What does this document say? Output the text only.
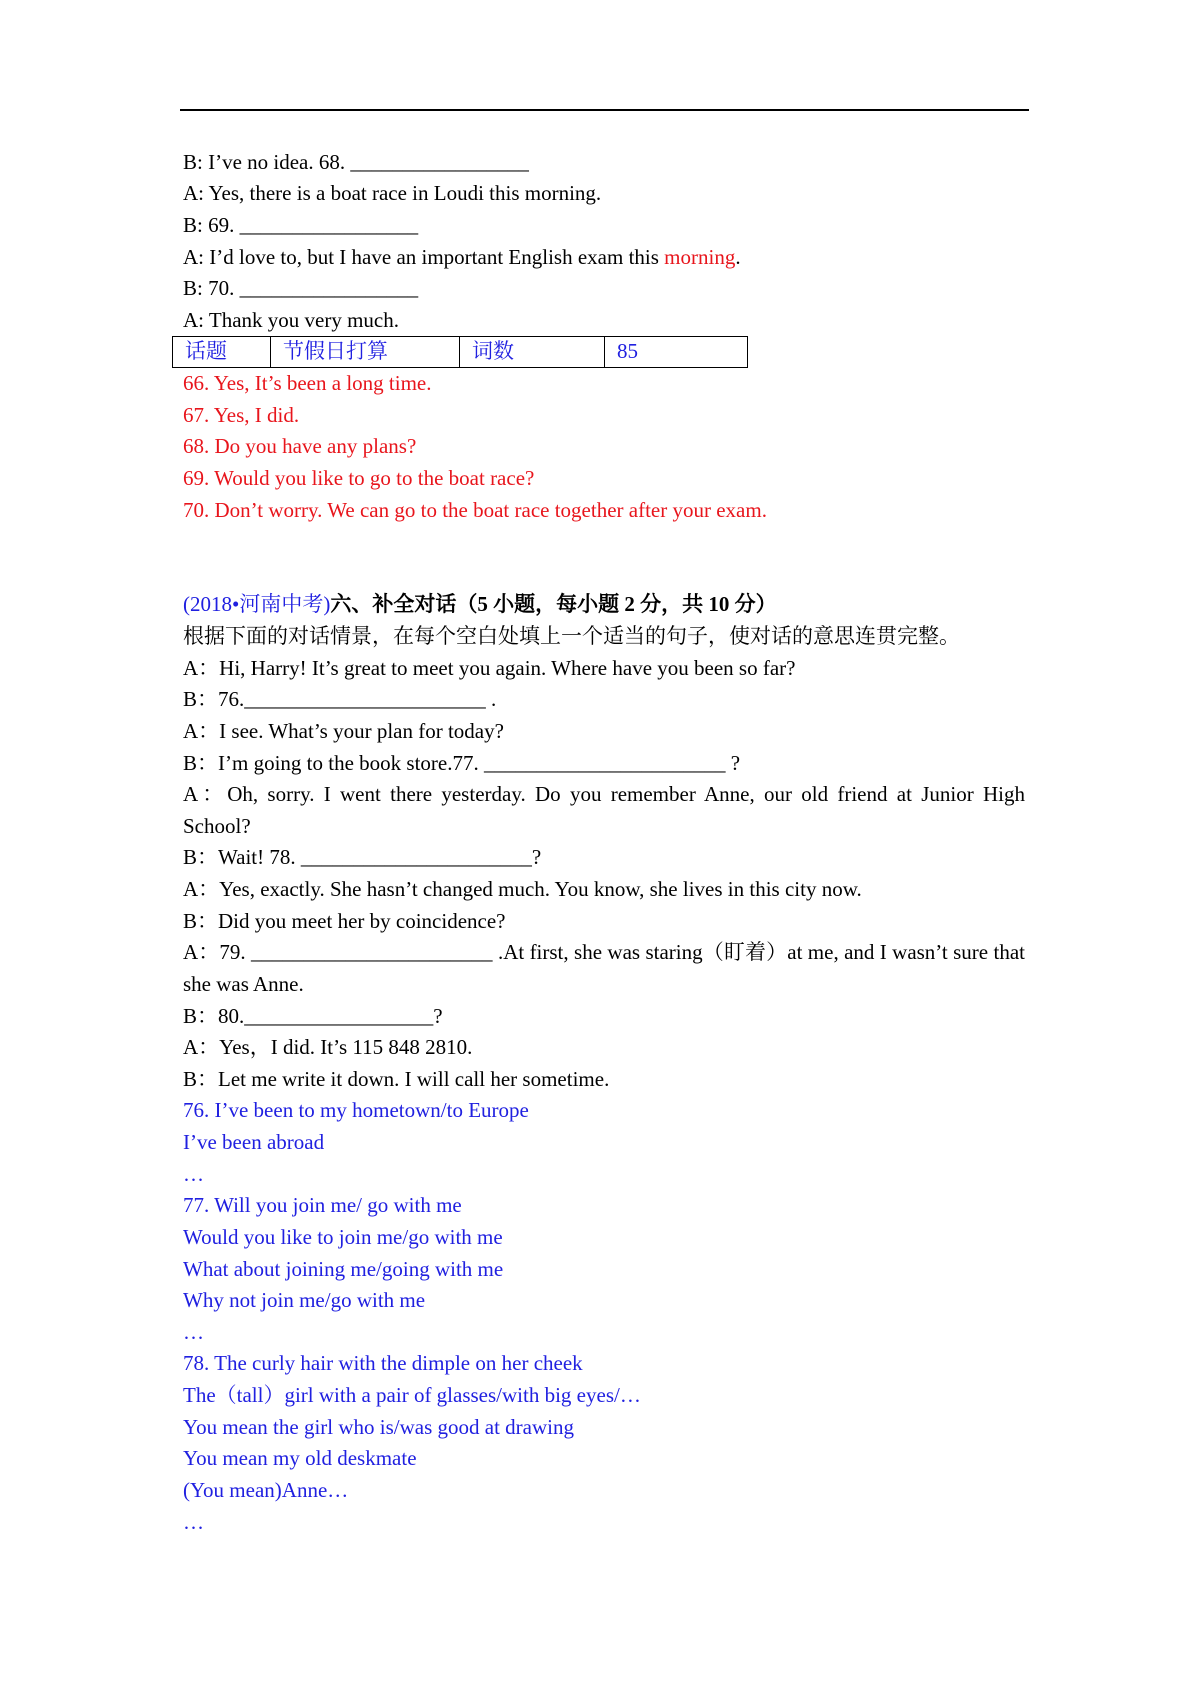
B: I’ve no idea. 68. _________________
A: Yes, there is a boat race in Loudi this morning.
B: 69. _________________
A: I’d love to, but I have an important English exam this morning.
B: 70. _________________
A: Thank you very much.
话题	节假日打算	词数	85
66. Yes, It’s been a long time.
67. Yes, I did.
68. Do you have any plans?
69. Would you like to go to the boat race?
70. Don’t worry. We can go to the boat race together after your exam.
(2018•河南中考)六、补全对话（5 小题，每小题 2 分，共 10 分）
根据下面的对话情景，在每个空白处填上一个适当的句子，使对话的意思连贯完整。
A：Hi, Harry! It’s great to meet you again. Where have you been so far?
B：76._______________________ .
A：I see. What’s your plan for today?
B：I’m going to the book store.77. _______________________ ?
A：Oh, sorry. I went there yesterday. Do you remember Anne, our old friend at Junior High
School?
B：Wait! 78. ______________________?
A：Yes, exactly. She hasn’t changed much. You know, she lives in this city now.
B：Did you meet her by coincidence?
A：79. _______________________ .At first, she was staring（盯着）at me, and I wasn’t sure that
she was Anne.
B：80.__________________?
A：Yes，I did. It’s 115 848 2810.
B：Let me write it down. I will call her sometime.
76. I’ve been to my hometown/to Europe
I’ve been abroad
…
77. Will you join me/ go with me
Would you like to join me/go with me
What about joining me/going with me
Why not join me/go with me
…
78. The curly hair with the dimple on her cheek
The（tall）girl with a pair of glasses/with big eyes/…
You mean the girl who is/was good at drawing
You mean my old deskmate
(You mean)Anne…
…
